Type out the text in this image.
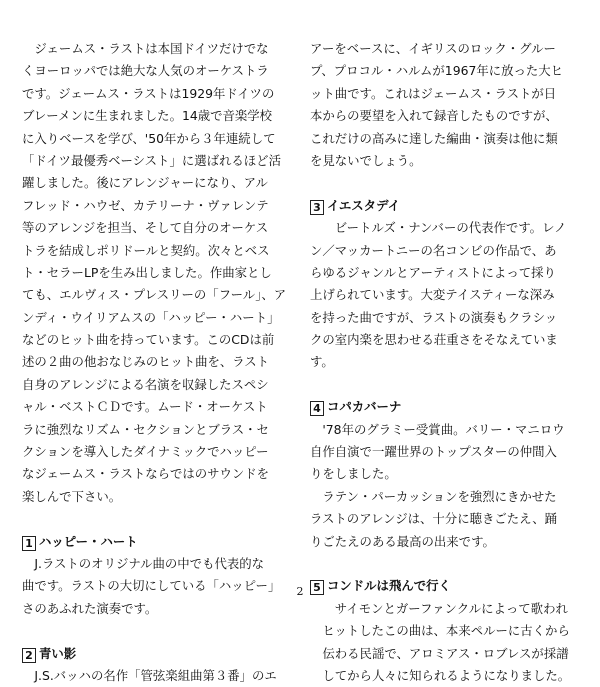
　ジェームス・ラストは本国ドイツだけでな
くヨーロッパでは絶大な人気のオーケストラ
です。ジェームス・ラストは1929年ドイツの
ブレーメンに生まれました。14歳で音楽学校
に入りベースを学び、'50年から３年連続して
「ドイツ最優秀ベーシスト」に選ばれるほど活
躍しました。後にアレンジャーになり、アル
フレッド・ハウゼ、カテリーナ・ヴァレンテ
等のアレンジを担当、そして自分のオーケス
トラを結成しポリドールと契約。次々とベス
ト・セラーLPを生み出しました。作曲家とし
ても、エルヴィス・プレスリーの「フール」、ア
ンディ・ウイリアムスの「ハッピー・ハート」
などのヒット曲を持っています。このCDは前
述の２曲の他おなじみのヒット曲を、ラスト
自身のアレンジによる名演を収録したスペシ
ャル・ベストＣＤです。ムード・オーケスト
ラに強烈なリズム・セクションとブラス・セ
クションを導入したダイナミックでハッピー
なジェームス・ラストならではのサウンドを
楽しんで下さい。
1 ハッピー・ハート
　J.ラストのオリジナル曲の中でも代表的な
曲です。ラストの大切にしている「ハッピー」
さのあふれた演奏です。
2 青い影
　J.S.バッハの名作「管弦楽組曲第３番」のエ
アーをベースに、イギリスのロック・グルー
プ、プロコル・ハルムが1967年に放った大ヒ
ット曲です。これはジェームス・ラストが日
本からの要望を入れて録音したものですが、
これだけの高みに達した編曲・演奏は他に類
を見ないでしょう。
3 イエスタデイ
　　ビートルズ・ナンバーの代表作です。レノ
ン／マッカートニーの名コンビの作品で、あ
らゆるジャンルとアーティストによって採り
上げられています。大変テイスティーな深み
を持った曲ですが、ラストの演奏もクラシッ
クの室内楽を思わせる荘重さをそなえていま
す。
4 コパカバーナ
　'78年のグラミー受賞曲。バリー・マニロウ
自作自演で一躍世界のトップスターの仲間入
りをしました。
　ラテン・パーカッションを強烈にきかせた
ラストのアレンジは、十分に聴きごたえ、踊
りごたえのある最高の出来です。
5 コンドルは飛んで行く
　　サイモンとガーファンクルによって歌われ
　ヒットしたこの曲は、本来ペルーに古くから
　伝わる民謡で、アロミアス・ロブレスが採譜
　してから人々に知られるようになりました。
2
